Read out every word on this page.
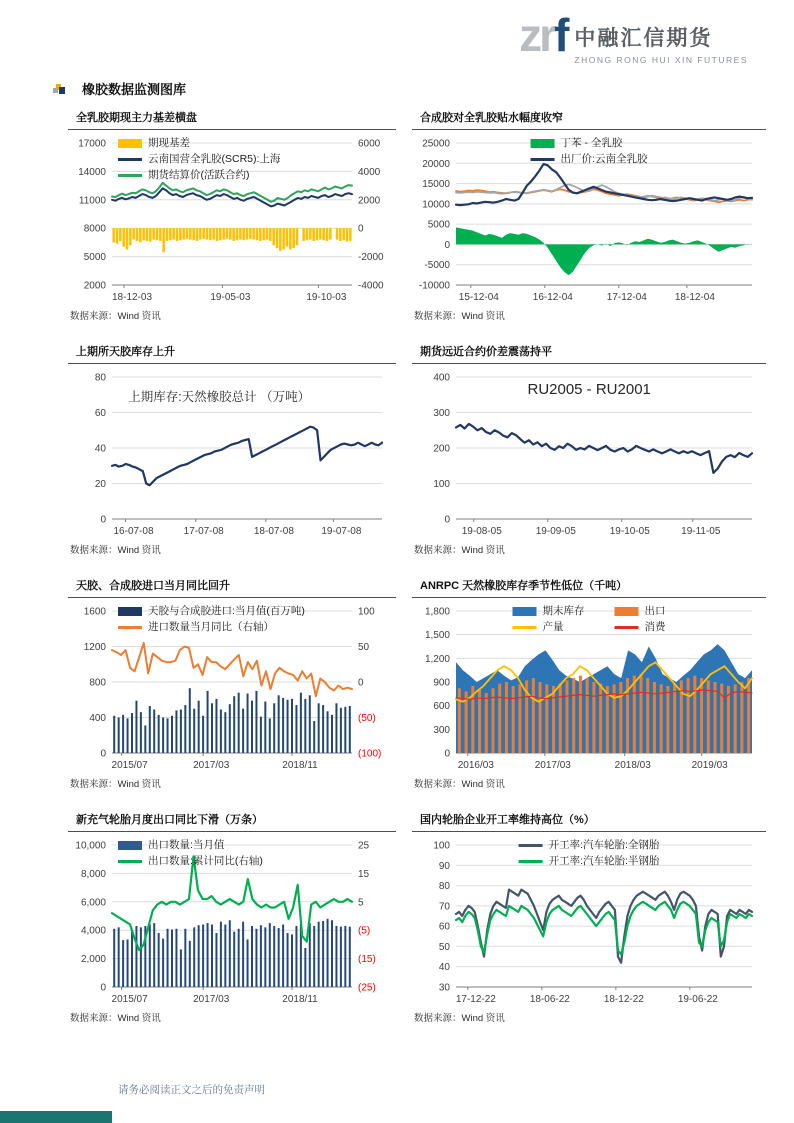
zrf 中融汇信期货
ZHONG RONG HUI XIN FUTURES
橡胶数据监测图库
全乳胶期现主力基差横盘
17000
14000
11000
8000
5000
2000
6000
4000
2000
0
-2000
-4000
18-12-03	19-05-03	19-10-03
期现基差
云南国营全乳胶(SCR5):上海
期货结算价(活跃合约)
数据来源：Wind 资讯
合成胶对全乳胶贴水幅度收窄
25000
20000
15000
10000
5000
0
-5000
-10000
15-12-04	16-12-04	17-12-04	18-12-04
丁苯 - 全乳胶
出厂价:云南全乳胶
数据来源：Wind 资讯
上期所天胶库存上升
80
60
40
20
0
16-07-08	17-07-08	18-07-08	19-07-08
上期库存:天然橡胶总计 （万吨）
数据来源：Wind 资讯
期货远近合约价差震荡持平
400
300
200
100
0
19-08-05	19-09-05	19-10-05	19-11-05
RU2005 - RU2001
数据来源：Wind 资讯
天胶、合成胶进口当月同比回升
1600
1200
800
400
0
100
50
0
(50)
(100)
2015/07	2017/03	2018/11
天胶与合成胶进口:当月值(百万吨)
进口数量当月同比（右轴）
数据来源：Wind 资讯
ANRPC 天然橡胶库存季节性低位（千吨）
1,800
1,500
1,200
900
600
300
0
2016/03	2017/03	2018/03	2019/03
期末库存	出口
产量	消费
数据来源：Wind 资讯
新充气轮胎月度出口同比下滑（万条）
10,000
8,000
6,000
4,000
2,000
0
25
15
5
(5)
(15)
(25)
2015/07	2017/03	2018/11
出口数量:当月值
出口数量:累计同比(右轴)
数据来源：Wind 资讯
国内轮胎企业开工率维持高位（%）
100
90
80
70
60
50
40
30
17-12-22	18-06-22	18-12-22	19-06-22
开工率:汽车轮胎:全钢胎
开工率:汽车轮胎:半钢胎
数据来源：Wind 资讯
请务必阅读正文之后的免责声明
